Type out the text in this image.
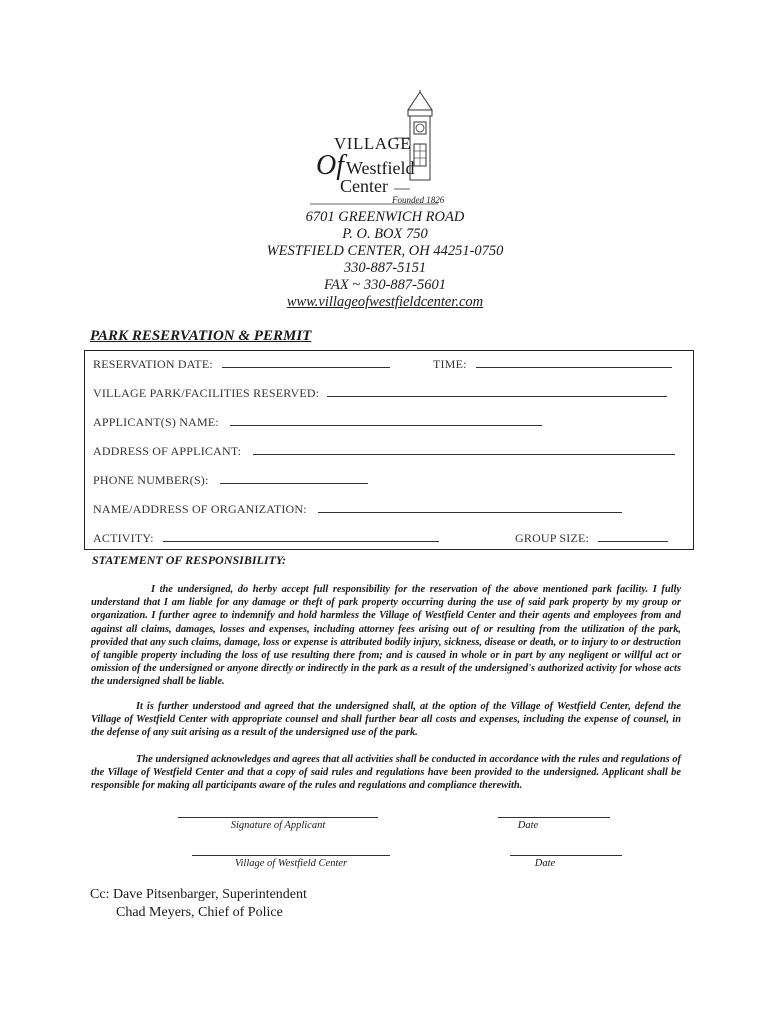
VILLAGE
Of Westfield
Center
Founded 1826
6701 GREENWICH ROAD
P. O. BOX 750
WESTFIELD CENTER, OH 44251-0750
330-887-5151
FAX ~ 330-887-5601
www.villageofwestfieldcenter.com
PARK RESERVATION & PERMIT
RESERVATION DATE:	TIME:
VILLAGE PARK/FACILITIES RESERVED:
APPLICANT(S) NAME:
ADDRESS OF APPLICANT:
PHONE NUMBER(S):
NAME/ADDRESS OF ORGANIZATION:
ACTIVITY:	GROUP SIZE:
STATEMENT OF RESPONSIBILITY:
I the undersigned, do herby accept full responsibility for the reservation of the above mentioned park facility. I fully understand that I am liable for any damage or theft of park property occurring during the use of said park property by my group or organization. I further agree to indemnify and hold harmless the Village of Westfield Center and their agents and employees from and against all claims, damages, losses and expenses, including attorney fees arising out of or resulting from the utilization of the park, provided that any such claims, damage, loss or expense is attributed bodily injury, sickness, disease or death, or to injury to or destruction of tangible property including the loss of use resulting there from; and is caused in whole or in part by any negligent or willful act or omission of the undersigned or anyone directly or indirectly in the park as a result of the undersigned's authorized activity for whose acts the undersigned shall be liable.
It is further understood and agreed that the undersigned shall, at the option of the Village of Westfield Center, defend the Village of Westfield Center with appropriate counsel and shall further bear all costs and expenses, including the expense of counsel, in the defense of any suit arising as a result of the undersigned use of the park.
The undersigned acknowledges and agrees that all activities shall be conducted in accordance with the rules and regulations of the Village of Westfield Center and that a copy of said rules and regulations have been provided to the undersigned. Applicant shall be responsible for making all participants aware of the rules and regulations and compliance therewith.
Signature of Applicant	Date
Village of Westfield Center	Date
Cc: Dave Pitsenbarger, Superintendent
Chad Meyers, Chief of Police
